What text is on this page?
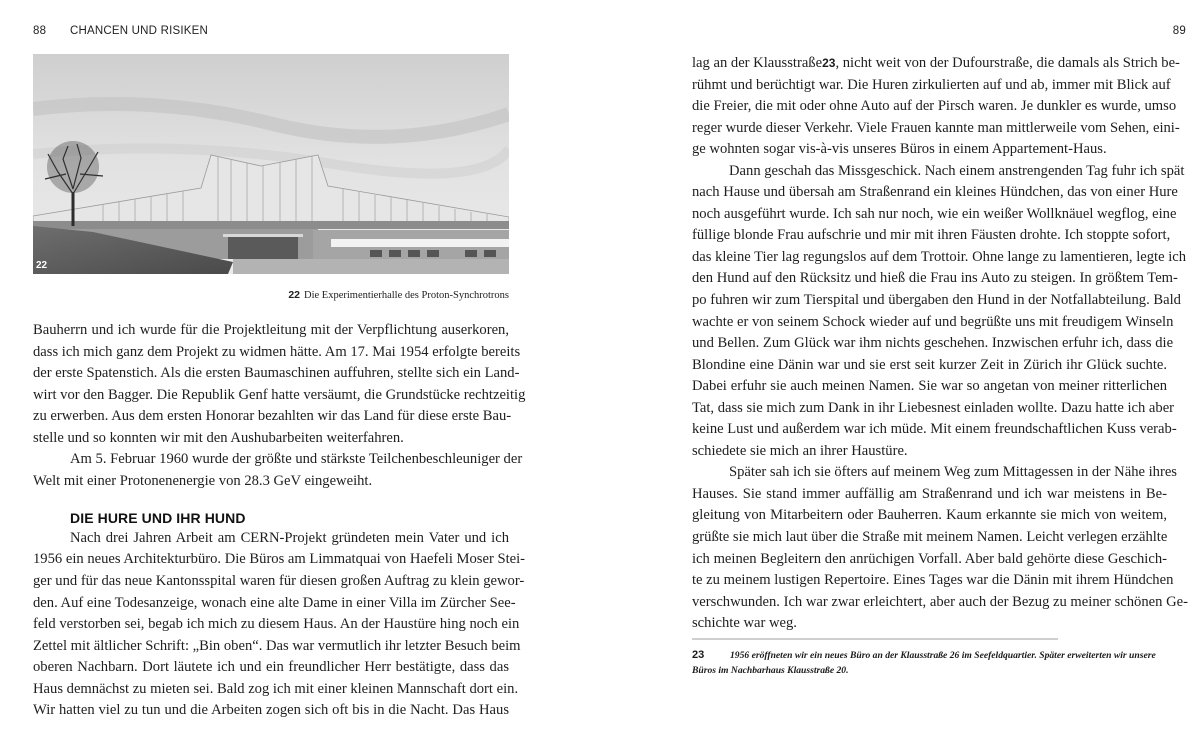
88 CHANCEN UND RISIKEN
22
22 Die Experimentierhalle des Proton-Synchrotrons
Bauherrn und ich wurde für die Projektleitung mit der Verpflichtung auserkoren,
dass ich mich ganz dem Projekt zu widmen hätte. Am 17. Mai 1954 erfolgte bereits
der erste Spatenstich. Als die ersten Baumaschinen auffuhren, stellte sich ein Land-
wirt vor den Bagger. Die Republik Genf hatte versäumt, die Grundstücke rechtzeitig
zu erwerben. Aus dem ersten Honorar bezahlten wir das Land für diese erste Bau-
stelle und so konnten wir mit den Aushubarbeiten weiterfahren.
Am 5. Februar 1960 wurde der größte und stärkste Teilchenbeschleuniger der
Welt mit einer Protonenenergie von 28.3 GeV eingeweiht.
DIE HURE UND IHR HUND
Nach drei Jahren Arbeit am CERN-Projekt gründeten mein Vater und ich
1956 ein neues Architekturbüro. Die Büros am Limmatquai von Haefeli Moser Stei-
ger und für das neue Kantonsspital waren für diesen großen Auftrag zu klein gewor-
den. Auf eine Todesanzeige, wonach eine alte Dame in einer Villa im Zürcher See-
feld verstorben sei, begab ich mich zu diesem Haus. An der Haustüre hing noch ein
Zettel mit ältlicher Schrift: „Bin oben“. Das war vermutlich ihr letzter Besuch beim
oberen Nachbarn. Dort läutete ich und ein freundlicher Herr bestätigte, dass das
Haus demnächst zu mieten sei. Bald zog ich mit einer kleinen Mannschaft dort ein.
Wir hatten viel zu tun und die Arbeiten zogen sich oft bis in die Nacht. Das Haus
89
lag an der Klausstraße23, nicht weit von der Dufourstraße, die damals als Strich be-
rühmt und berüchtigt war. Die Huren zirkulierten auf und ab, immer mit Blick auf
die Freier, die mit oder ohne Auto auf der Pirsch waren. Je dunkler es wurde, umso
reger wurde dieser Verkehr. Viele Frauen kannte man mittlerweile vom Sehen, eini-
ge wohnten sogar vis-à-vis unseres Büros in einem Appartement-Haus.
Dann geschah das Missgeschick. Nach einem anstrengenden Tag fuhr ich spät
nach Hause und übersah am Straßenrand ein kleines Hündchen, das von einer Hure
noch ausgeführt wurde. Ich sah nur noch, wie ein weißer Wollknäuel wegflog, eine
füllige blonde Frau aufschrie und mir mit ihren Fäusten drohte. Ich stoppte sofort,
das kleine Tier lag regungslos auf dem Trottoir. Ohne lange zu lamentieren, legte ich
den Hund auf den Rücksitz und hieß die Frau ins Auto zu steigen. In größtem Tem-
po fuhren wir zum Tierspital und übergaben den Hund in der Notfallabteilung. Bald
wachte er von seinem Schock wieder auf und begrüßte uns mit freudigem Winseln
und Bellen. Zum Glück war ihm nichts geschehen. Inzwischen erfuhr ich, dass die
Blondine eine Dänin war und sie erst seit kurzer Zeit in Zürich ihr Glück suchte.
Dabei erfuhr sie auch meinen Namen. Sie war so angetan von meiner ritterlichen
Tat, dass sie mich zum Dank in ihr Liebesnest einladen wollte. Dazu hatte ich aber
keine Lust und außerdem war ich müde. Mit einem freundschaftlichen Kuss verab-
schiedete sie mich an ihrer Haustüre.
Später sah ich sie öfters auf meinem Weg zum Mittagessen in der Nähe ihres
Hauses. Sie stand immer auffällig am Straßenrand und ich war meistens in Be-
gleitung von Mitarbeitern oder Bauherren. Kaum erkannte sie mich von weitem,
grüßte sie mich laut über die Straße mit meinem Namen. Leicht verlegen erzählte
ich meinen Begleitern den anrüchigen Vorfall. Aber bald gehörte diese Geschich-
te zu meinem lustigen Repertoire. Eines Tages war die Dänin mit ihrem Hündchen
verschwunden. Ich war zwar erleichtert, aber auch der Bezug zu meiner schönen Ge-
schichte war weg.
23	1956 eröffneten wir ein neues Büro an der Klausstraße 26 im Seefeldquartier. Später erweiterten wir unsere Büros im Nachbarhaus Klausstraße 20.
